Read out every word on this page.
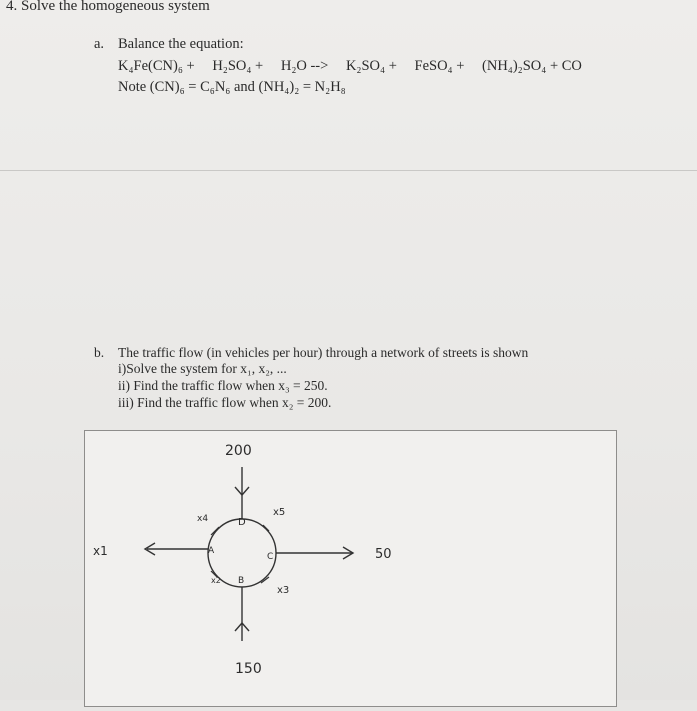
4. Solve the homogeneous system
a. Balance the equation:
K₄Fe(CN)₆ + H₂SO₄ + H₂O --> K₂SO₄ + FeSO₄ + (NH₄)₂SO₄ + CO
Note (CN)₆ = C₆N₆ and (NH₄)₂ = N₂H₈
b. The traffic flow (in vehicles per hour) through a network of streets is shown
i)Solve the system for x₁, x₂, ...
ii) Find the traffic flow when x₃ = 250.
iii) Find the traffic flow when x₂ = 200.
200
150
50
x1	A
B
C
D
x4
x5
x2
x3
